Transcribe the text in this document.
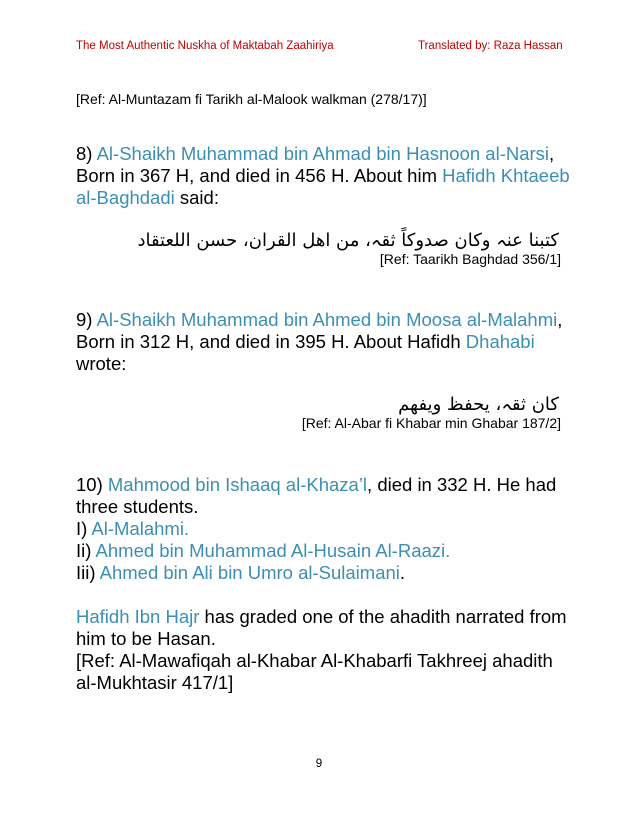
The Most Authentic Nuskha of Maktabah Zaahiriya	Translated by: Raza Hassan
[Ref: Al-Muntazam fi Tarikh al-Malook walkman (278/17)]
8) Al-Shaikh Muhammad bin Ahmad bin Hasnoon al-Narsi, Born in 367 H, and died in 456 H. About him Hafidh Khtaeeb al-Baghdadi said:
كتبنا عنہ وكان صدوكاً ثقہ، من اهل القران، حسن اللعتقاد
[Ref: Taarikh Baghdad 356/1]
9) Al-Shaikh Muhammad bin Ahmed bin Moosa al-Malahmi, Born in 312 H, and died in 395 H. About Hafidh Dhahabi wrote:
كان ثقہ، يحفظ ويفهم
[Ref: Al-Abar fi Khabar min Ghabar 187/2]
10) Mahmood bin Ishaaq al-Khaza’l, died in 332 H. He had three students.
I) Al-Malahmi.
Ii) Ahmed bin Muhammad Al-Husain Al-Raazi.
Iii) Ahmed bin Ali bin Umro al-Sulaimani.
Hafidh Ibn Hajr has graded one of the ahadith narrated from him to be Hasan.
[Ref: Al-Mawafiqah al-Khabar Al-Khabarfi Takhreej ahadith al-Mukhtasir 417/1]
9
